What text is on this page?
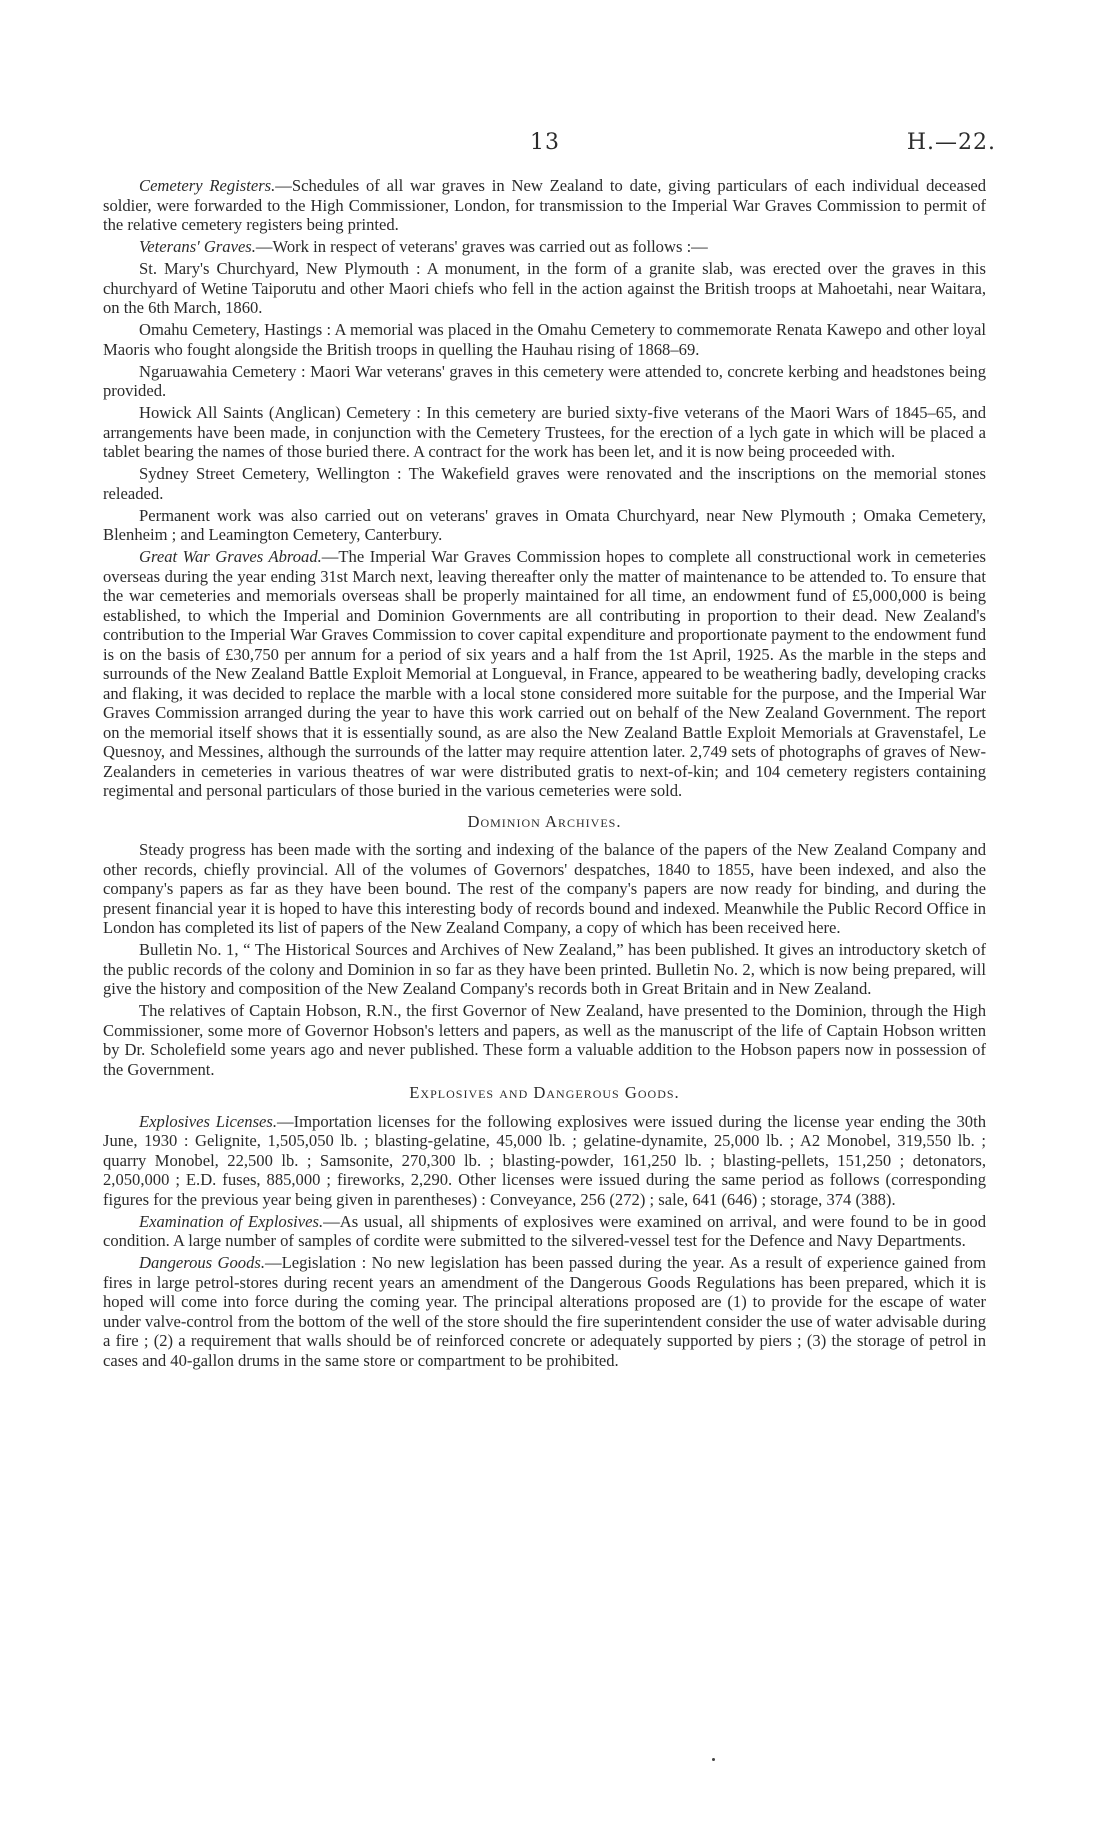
13	H.—22.

Cemetery Registers.—Schedules of all war graves in New Zealand to date, giving particulars of each individual deceased soldier, were forwarded to the High Commissioner, London, for transmission to the Imperial War Graves Commission to permit of the relative cemetery registers being printed.

Veterans' Graves.—Work in respect of veterans' graves was carried out as follows :—

St. Mary's Churchyard, New Plymouth : A monument, in the form of a granite slab, was erected over the graves in this churchyard of Wetine Taiporutu and other Maori chiefs who fell in the action against the British troops at Mahoetahi, near Waitara, on the 6th March, 1860.

Omahu Cemetery, Hastings : A memorial was placed in the Omahu Cemetery to commemorate Renata Kawepo and other loyal Maoris who fought alongside the British troops in quelling the Hauhau rising of 1868–69.

Ngaruawahia Cemetery : Maori War veterans' graves in this cemetery were attended to, concrete kerbing and headstones being provided.

Howick All Saints (Anglican) Cemetery : In this cemetery are buried sixty-five veterans of the Maori Wars of 1845–65, and arrangements have been made, in conjunction with the Cemetery Trustees, for the erection of a lych gate in which will be placed a tablet bearing the names of those buried there. A contract for the work has been let, and it is now being proceeded with.

Sydney Street Cemetery, Wellington : The Wakefield graves were renovated and the inscriptions on the memorial stones releaded.

Permanent work was also carried out on veterans' graves in Omata Churchyard, near New Plymouth ; Omaka Cemetery, Blenheim ; and Leamington Cemetery, Canterbury.

Great War Graves Abroad.—The Imperial War Graves Commission hopes to complete all constructional work in cemeteries overseas during the year ending 31st March next, leaving thereafter only the matter of maintenance to be attended to. To ensure that the war cemeteries and memorials overseas shall be properly maintained for all time, an endowment fund of £5,000,000 is being established, to which the Imperial and Dominion Governments are all contributing in proportion to their dead. New Zealand's contribution to the Imperial War Graves Commission to cover capital expenditure and proportionate payment to the endowment fund is on the basis of £30,750 per annum for a period of six years and a half from the 1st April, 1925. As the marble in the steps and surrounds of the New Zealand Battle Exploit Memorial at Longueval, in France, appeared to be weathering badly, developing cracks and flaking, it was decided to replace the marble with a local stone considered more suitable for the purpose, and the Imperial War Graves Commission arranged during the year to have this work carried out on behalf of the New Zealand Government. The report on the memorial itself shows that it is essentially sound, as are also the New Zealand Battle Exploit Memorials at Gravenstafel, Le Quesnoy, and Messines, although the surrounds of the latter may require attention later. 2,749 sets of photographs of graves of New-Zealanders in cemeteries in various theatres of war were distributed gratis to next-of-kin; and 104 cemetery registers containing regimental and personal particulars of those buried in the various cemeteries were sold.

Dominion Archives.

Steady progress has been made with the sorting and indexing of the balance of the papers of the New Zealand Company and other records, chiefly provincial. All of the volumes of Governors' despatches, 1840 to 1855, have been indexed, and also the company's papers as far as they have been bound. The rest of the company's papers are now ready for binding, and during the present financial year it is hoped to have this interesting body of records bound and indexed. Meanwhile the Public Record Office in London has completed its list of papers of the New Zealand Company, a copy of which has been received here.

Bulletin No. 1, “ The Historical Sources and Archives of New Zealand,” has been published. It gives an introductory sketch of the public records of the colony and Dominion in so far as they have been printed. Bulletin No. 2, which is now being prepared, will give the history and composition of the New Zealand Company's records both in Great Britain and in New Zealand.

The relatives of Captain Hobson, R.N., the first Governor of New Zealand, have presented to the Dominion, through the High Commissioner, some more of Governor Hobson's letters and papers, as well as the manuscript of the life of Captain Hobson written by Dr. Scholefield some years ago and never published. These form a valuable addition to the Hobson papers now in possession of the Government.

Explosives and Dangerous Goods.

Explosives Licenses.—Importation licenses for the following explosives were issued during the license year ending the 30th June, 1930 : Gelignite, 1,505,050 lb. ; blasting-gelatine, 45,000 lb. ; gelatine-dynamite, 25,000 lb. ; A2 Monobel, 319,550 lb. ; quarry Monobel, 22,500 lb. ; Samsonite, 270,300 lb. ; blasting-powder, 161,250 lb. ; blasting-pellets, 151,250 ; detonators, 2,050,000 ; E.D. fuses, 885,000 ; fireworks, 2,290. Other licenses were issued during the same period as follows (corresponding figures for the previous year being given in parentheses) : Conveyance, 256 (272) ; sale, 641 (646) ; storage, 374 (388).

Examination of Explosives.—As usual, all shipments of explosives were examined on arrival, and were found to be in good condition. A large number of samples of cordite were submitted to the silvered-vessel test for the Defence and Navy Departments.

Dangerous Goods.—Legislation : No new legislation has been passed during the year. As a result of experience gained from fires in large petrol-stores during recent years an amendment of the Dangerous Goods Regulations has been prepared, which it is hoped will come into force during the coming year. The principal alterations proposed are (1) to provide for the escape of water under valve-control from the bottom of the well of the store should the fire superintendent consider the use of water advisable during a fire ; (2) a requirement that walls should be of reinforced concrete or adequately supported by piers ; (3) the storage of petrol in cases and 40-gallon drums in the same store or compartment to be prohibited.
